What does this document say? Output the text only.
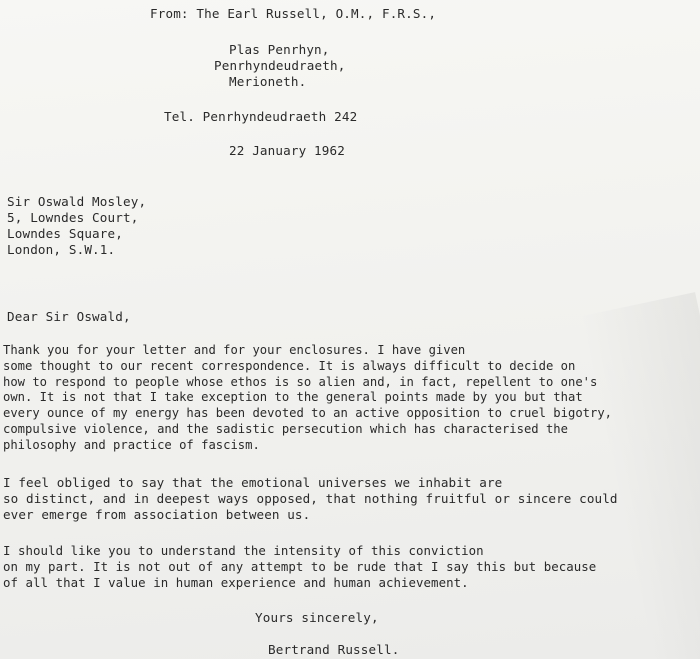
From: The Earl Russell, O.M., F.R.S.,
Plas Penrhyn,
Penrhyndeudraeth,
Merioneth.
Tel. Penrhyndeudraeth 242
22 January 1962
Sir Oswald Mosley,
5, Lowndes Court,
Lowndes Square,
London, S.W.1.
Dear Sir Oswald,
Thank you for your letter and for your enclosures. I have given
some thought to our recent correspondence. It is always difficult to decide on
how to respond to people whose ethos is so alien and, in fact, repellent to one's
own. It is not that I take exception to the general points made by you but that
every ounce of my energy has been devoted to an active opposition to cruel bigotry,
compulsive violence, and the sadistic persecution which has characterised the
philosophy and practice of fascism.
I feel obliged to say that the emotional universes we inhabit are
so distinct, and in deepest ways opposed, that nothing fruitful or sincere could
ever emerge from association between us.
I should like you to understand the intensity of this conviction
on my part. It is not out of any attempt to be rude that I say this but because
of all that I value in human experience and human achievement.
Yours sincerely,
Bertrand Russell.
